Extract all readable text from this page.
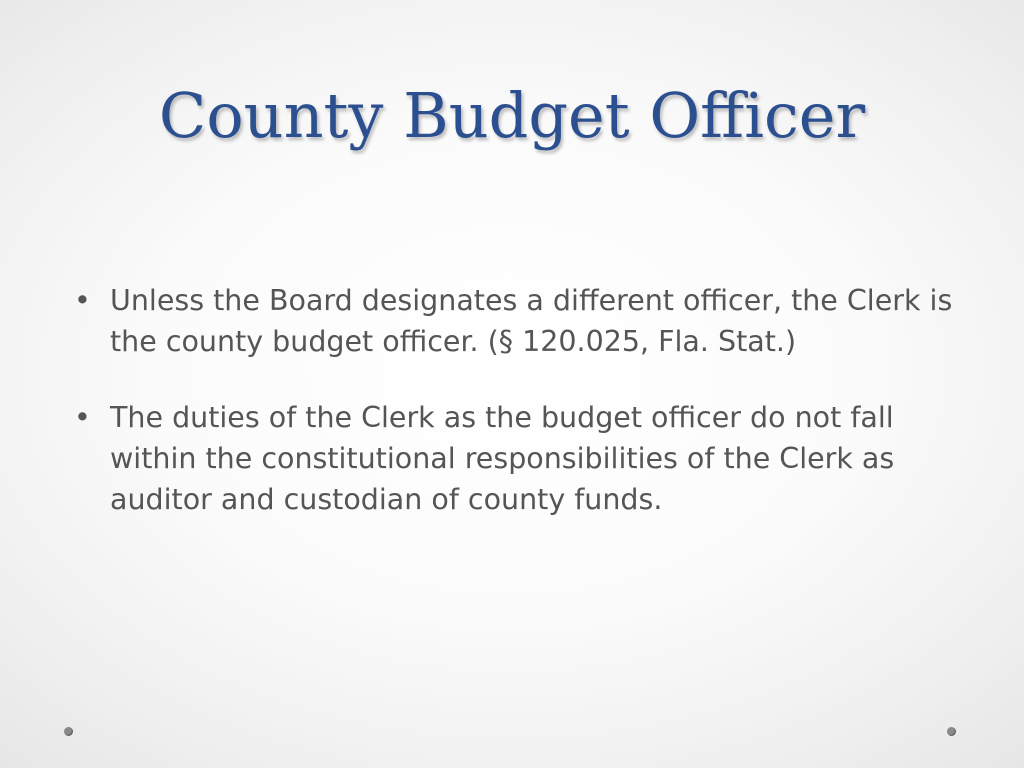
County Budget Officer
• Unless the Board designates a different officer, the Clerk is the county budget officer. (§ 120.025, Fla. Stat.)
• The duties of the Clerk as the budget officer do not fall within the constitutional responsibilities of the Clerk as auditor and custodian of county funds.
